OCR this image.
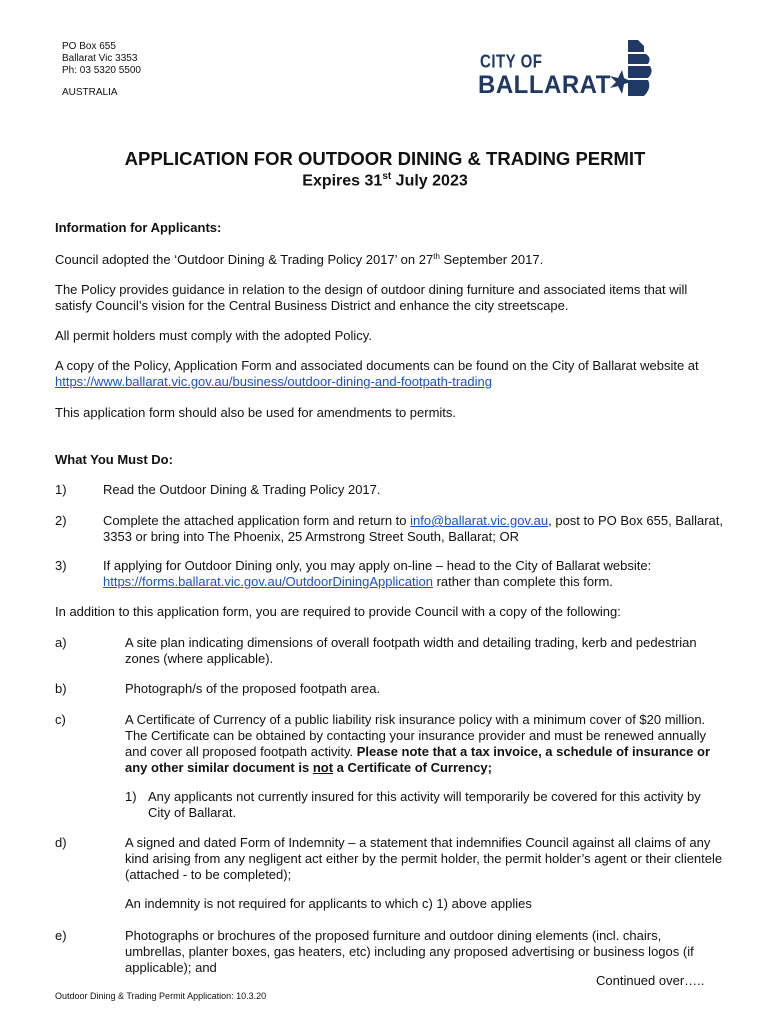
PO Box 655
Ballarat Vic 3353
Ph: 03 5320 5500
AUSTRALIA
CITY OF
BALLARAT
APPLICATION FOR OUTDOOR DINING & TRADING PERMIT
Expires 31st July 2023
Information for Applicants:
Council adopted the ‘Outdoor Dining & Trading Policy 2017’ on 27th September 2017.
The Policy provides guidance in relation to the design of outdoor dining furniture and associated items that will satisfy Council’s vision for the Central Business District and enhance the city streetscape.
All permit holders must comply with the adopted Policy.
A copy of the Policy, Application Form and associated documents can be found on the City of Ballarat website at https://www.ballarat.vic.gov.au/business/outdoor-dining-and-footpath-trading
This application form should also be used for amendments to permits.
What You Must Do:
1)	Read the Outdoor Dining & Trading Policy 2017.
2)	Complete the attached application form and return to info@ballarat.vic.gov.au, post to PO Box 655, Ballarat, 3353 or bring into The Phoenix, 25 Armstrong Street South, Ballarat; OR
3)	If applying for Outdoor Dining only, you may apply on-line – head to the City of Ballarat website: https://forms.ballarat.vic.gov.au/OutdoorDiningApplication rather than complete this form.
In addition to this application form, you are required to provide Council with a copy of the following:
a)	A site plan indicating dimensions of overall footpath width and detailing trading, kerb and pedestrian zones (where applicable).
b)	Photograph/s of the proposed footpath area.
c)	A Certificate of Currency of a public liability risk insurance policy with a minimum cover of $20 million. The Certificate can be obtained by contacting your insurance provider and must be renewed annually and cover all proposed footpath activity. Please note that a tax invoice, a schedule of insurance or any other similar document is not a Certificate of Currency;
1) Any applicants not currently insured for this activity will temporarily be covered for this activity by City of Ballarat.
d)	A signed and dated Form of Indemnity – a statement that indemnifies Council against all claims of any kind arising from any negligent act either by the permit holder, the permit holder’s agent or their clientele (attached - to be completed);
An indemnity is not required for applicants to which c) 1) above applies
e)	Photographs or brochures of the proposed furniture and outdoor dining elements (incl. chairs, umbrellas, planter boxes, gas heaters, etc) including any proposed advertising or business logos (if applicable); and
Continued over…..
Outdoor Dining & Trading Permit Application: 10.3.20
